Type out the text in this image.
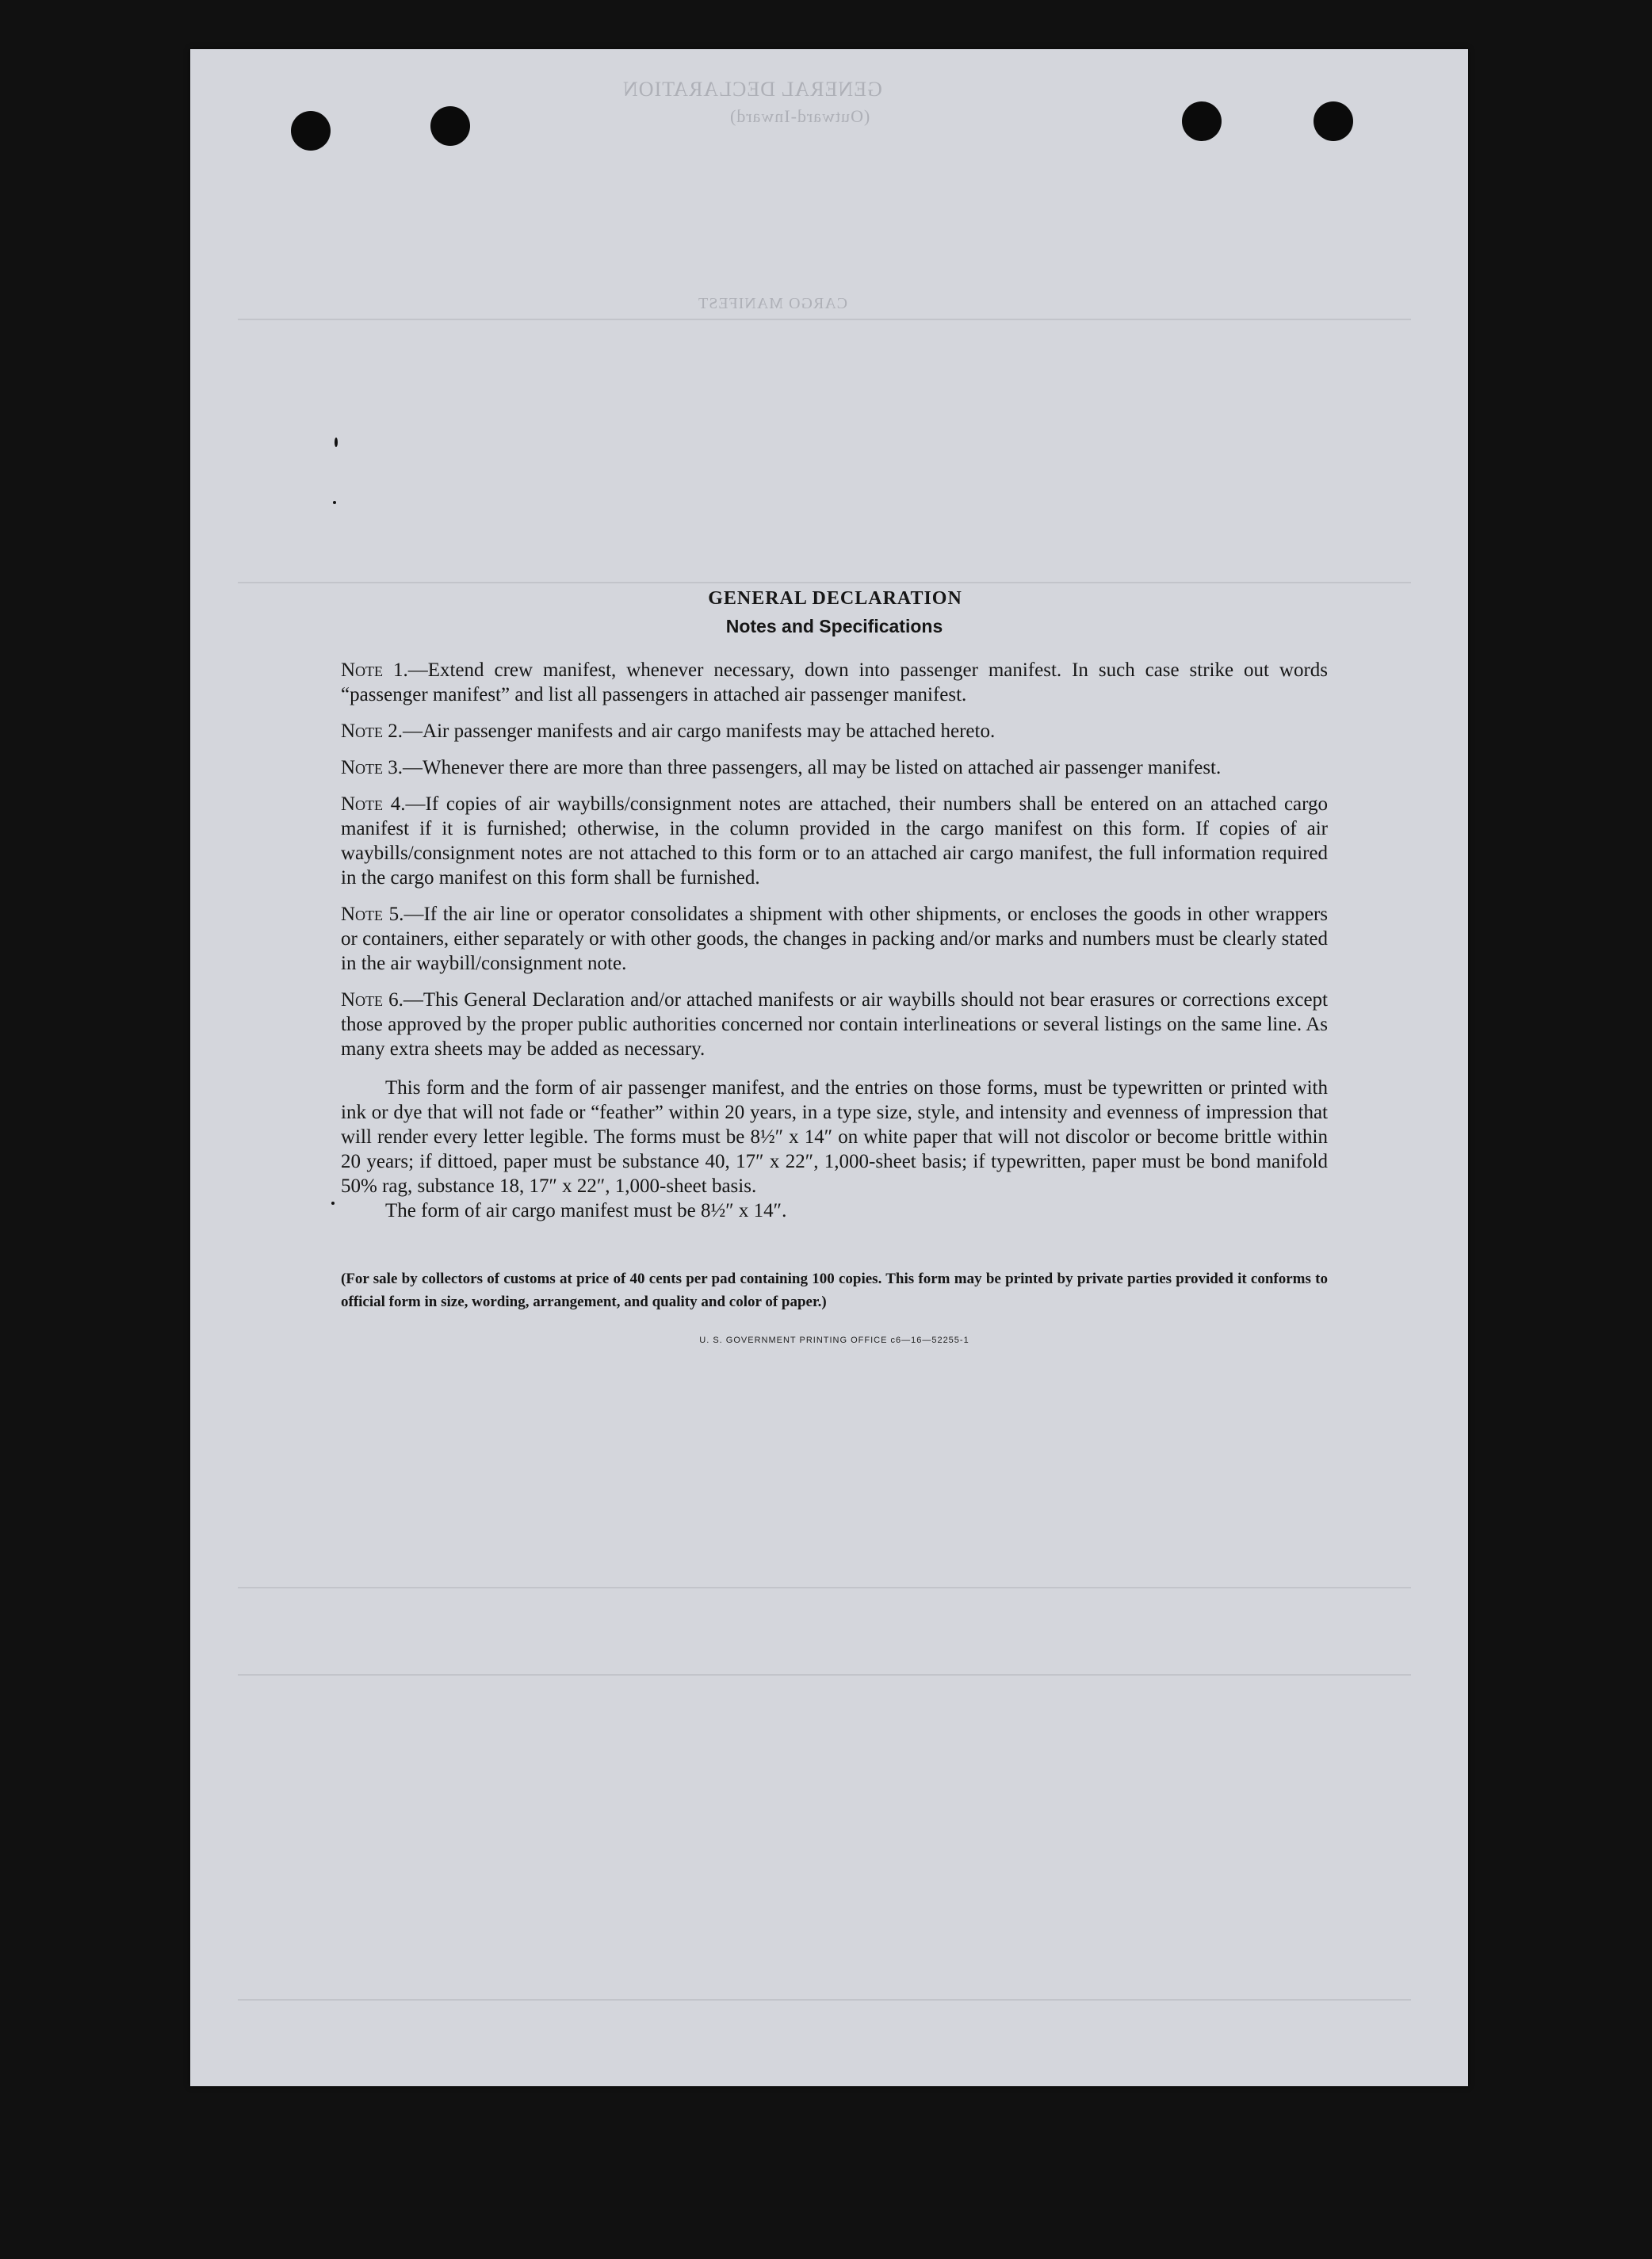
GENERAL DECLARATION
(Outward-Inward)
CARGO MANIFEST
GENERAL DECLARATION
Notes and Specifications
Note 1.—Extend crew manifest, whenever necessary, down into passenger manifest. In such case strike out words “passenger manifest” and list all passengers in attached air passenger manifest.
Note 2.—Air passenger manifests and air cargo manifests may be attached hereto.
Note 3.—Whenever there are more than three passengers, all may be listed on attached air passenger manifest.
Note 4.—If copies of air waybills/consignment notes are attached, their numbers shall be entered on an attached cargo manifest if it is furnished; otherwise, in the column provided in the cargo manifest on this form. If copies of air waybills/consignment notes are not attached to this form or to an attached air cargo manifest, the full information required in the cargo manifest on this form shall be furnished.
Note 5.—If the air line or operator consolidates a shipment with other shipments, or encloses the goods in other wrappers or containers, either separately or with other goods, the changes in packing and/or marks and numbers must be clearly stated in the air waybill/consignment note.
Note 6.—This General Declaration and/or attached manifests or air waybills should not bear erasures or corrections except those approved by the proper public authorities concerned nor contain interlineations or several listings on the same line. As many extra sheets may be added as necessary.
This form and the form of air passenger manifest, and the entries on those forms, must be typewritten or printed with ink or dye that will not fade or “feather” within 20 years, in a type size, style, and intensity and evenness of impression that will render every letter legible. The forms must be 8½″ x 14″ on white paper that will not discolor or become brittle within 20 years; if dittoed, paper must be substance 40, 17″ x 22″, 1,000-sheet basis; if typewritten, paper must be bond manifold 50% rag, substance 18, 17″ x 22″, 1,000-sheet basis.
The form of air cargo manifest must be 8½″ x 14″.
(For sale by collectors of customs at price of 40 cents per pad containing 100 copies. This form may be printed by private parties provided it conforms to official form in size, wording, arrangement, and quality and color of paper.)
U. S. GOVERNMENT PRINTING OFFICE c6—16—52255-1
